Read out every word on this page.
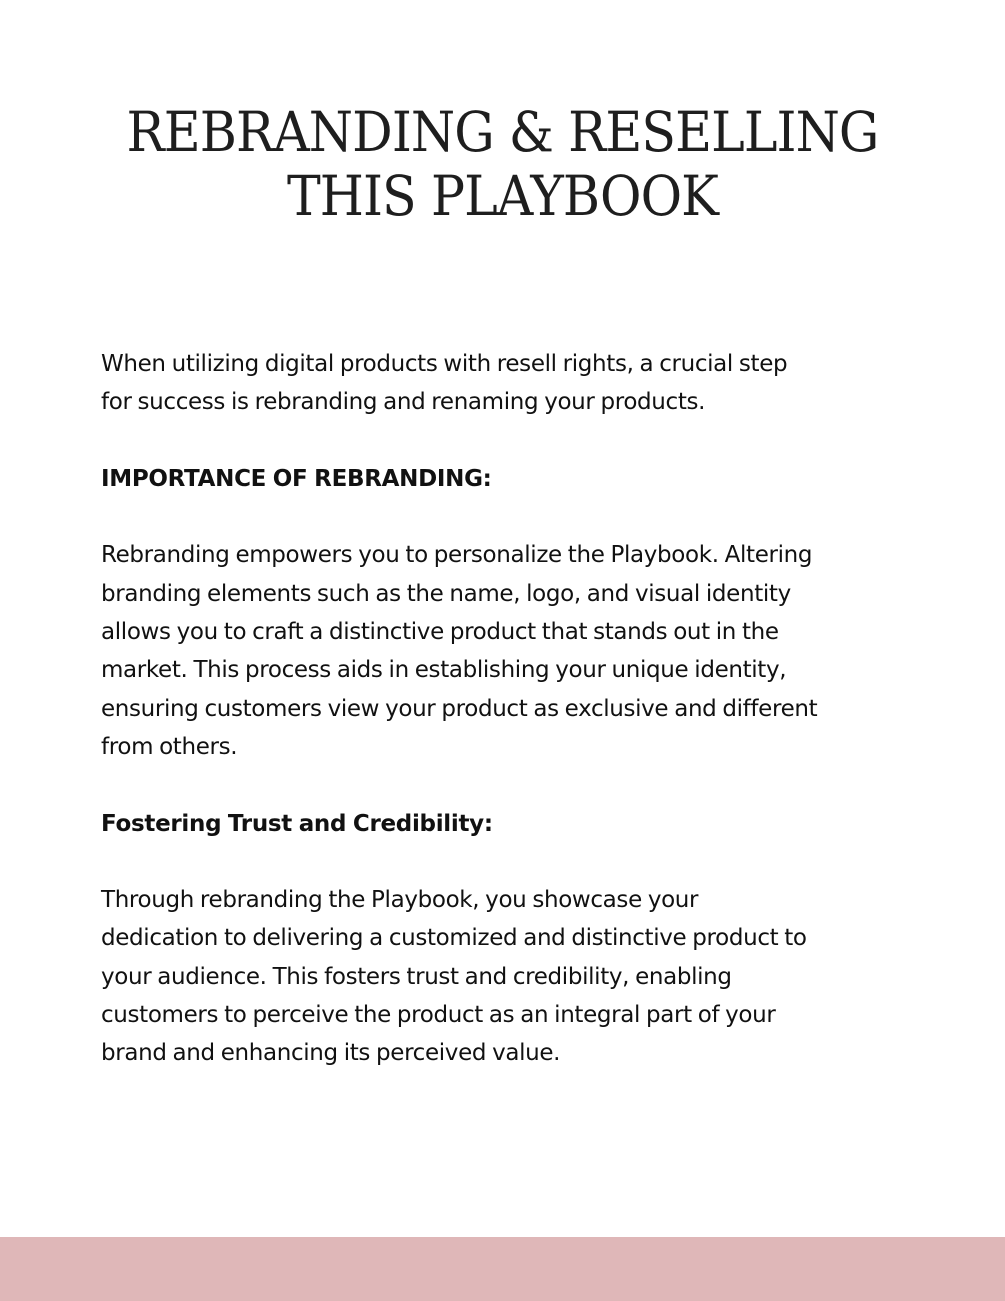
REBRANDING & RESELLING
THIS PLAYBOOK

When utilizing digital products with resell rights, a crucial step

for success is rebranding and renaming your products.

IMPORTANCE OF REBRANDING:

Rebranding empowers you to personalize the Playbook. Altering

branding elements such as the name, logo, and visual identity

allows you to craft a distinctive product that stands out in the

market. This process aids in establishing your unique identity,

ensuring customers view your product as exclusive and different

from others.

Fostering Trust and Credibility:

Through rebranding the Playbook, you showcase your

dedication to delivering a customized and distinctive product to

your audience. This fosters trust and credibility, enabling

customers to perceive the product as an integral part of your

brand and enhancing its perceived value.
